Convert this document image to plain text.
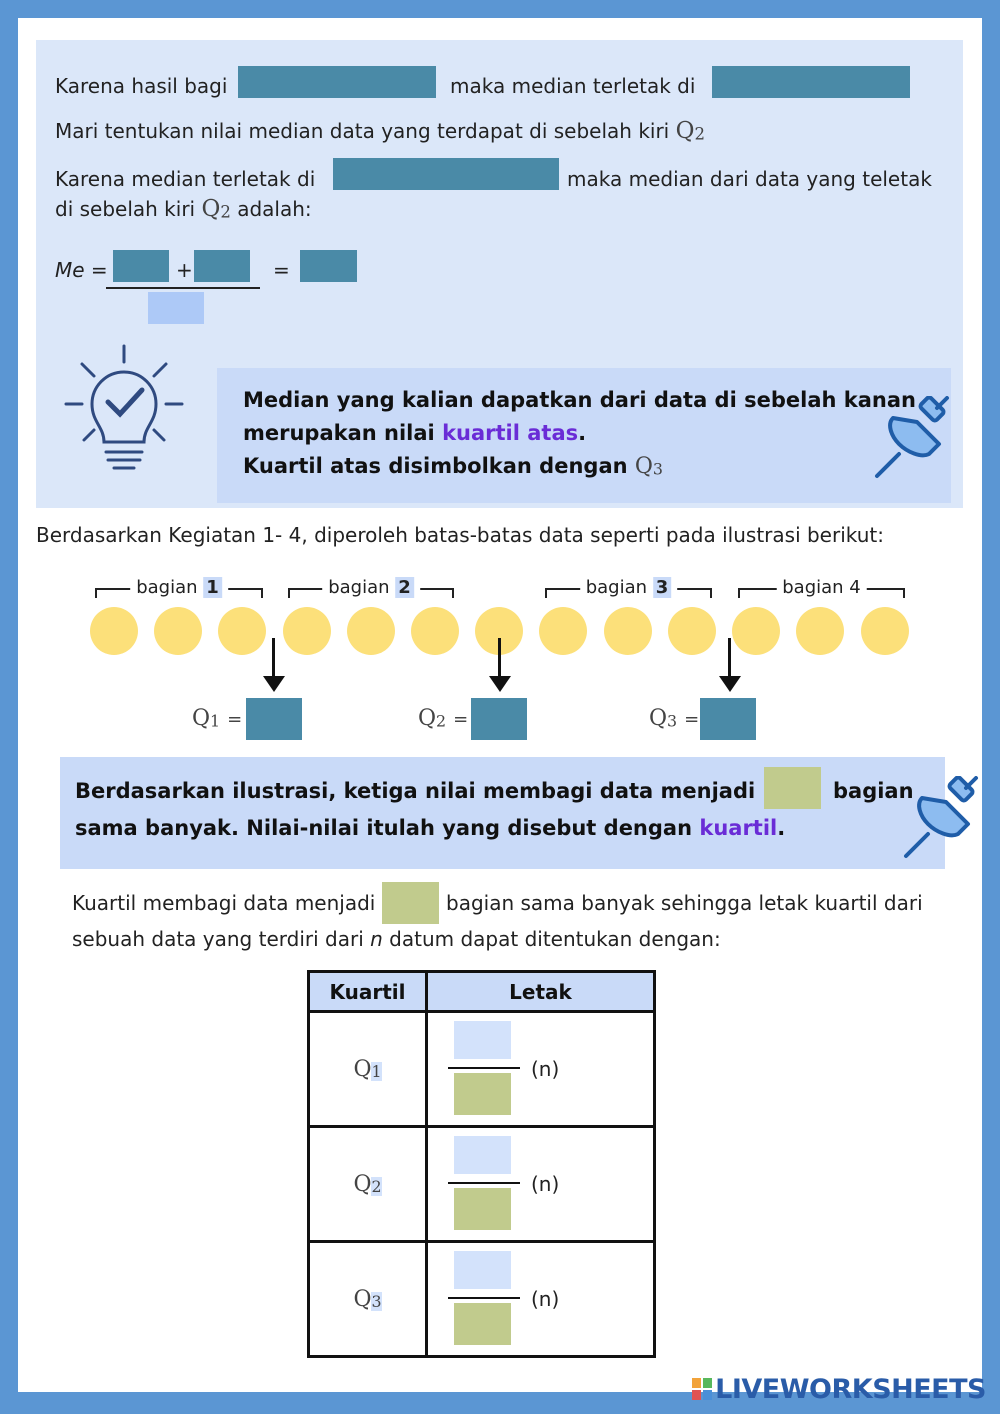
Karena hasil bagi	maka median terletak di
Mari tentukan nilai median data yang terdapat di sebelah kiri $Q_2$
Karena median terletak di	maka median dari data yang teletak
di sebelah kiri $Q_2$ adalah:
Me =	+	=
Median yang kalian dapatkan dari data di sebelah kanan
merupakan nilai kuartil atas.
Kuartil atas disimbolkan dengan $Q_3$
Berdasarkan Kegiatan 1- 4, diperoleh batas-batas data seperti pada ilustrasi berikut:
bagian 1	bagian 2	bagian 3	bagian 4
$Q_1$ =	$Q_2$ =	$Q_3$ =
Berdasarkan ilustrasi, ketiga nilai membagi data menjadi	bagian
sama banyak. Nilai-nilai itulah yang disebut dengan kuartil.
Kuartil membagi data menjadi	bagian sama banyak sehingga letak kuartil dari
sebuah data yang terdiri dari n datum dapat ditentukan dengan:
Kuartil	Letak
Q1	(n)

Q2	(n)

Q3	(n)
LIVEWORKSHEETS
